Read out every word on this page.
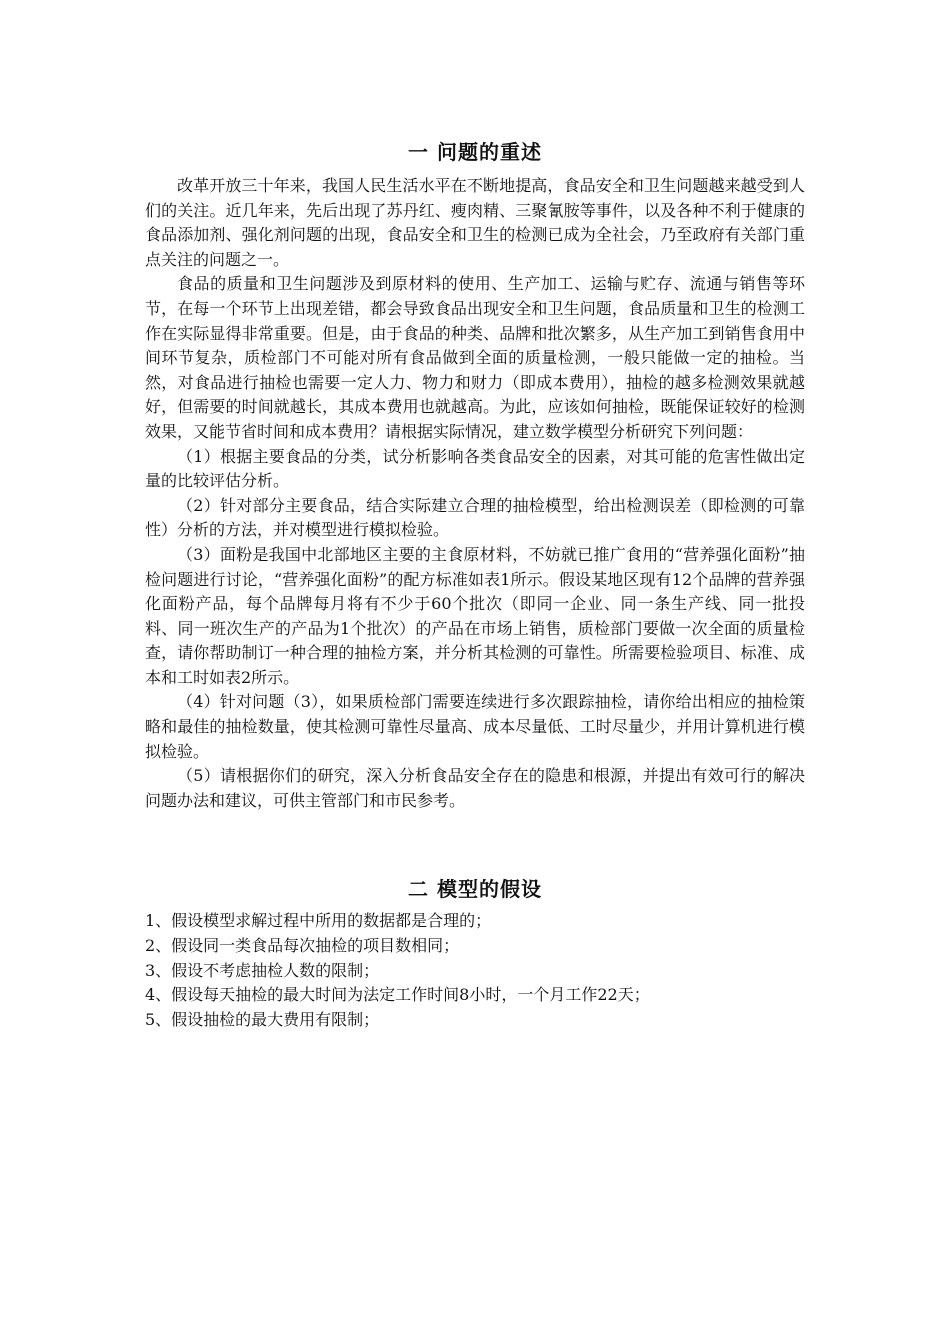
一 问题的重述

改革开放三十年来，我国人民生活水平在不断地提高，食品安全和卫生问题越来越受到人们的关注。近几年来，先后出现了苏丹红、瘦肉精、三聚氰胺等事件，以及各种不利于健康的食品添加剂、强化剂问题的出现，食品安全和卫生的检测已成为全社会，乃至政府有关部门重点关注的问题之一。

食品的质量和卫生问题涉及到原材料的使用、生产加工、运输与贮存、流通与销售等环节，在每一个环节上出现差错，都会导致食品出现安全和卫生问题，食品质量和卫生的检测工作在实际显得非常重要。但是，由于食品的种类、品牌和批次繁多，从生产加工到销售食用中间环节复杂，质检部门不可能对所有食品做到全面的质量检测，一般只能做一定的抽检。当然，对食品进行抽检也需要一定人力、物力和财力（即成本费用），抽检的越多检测效果就越好，但需要的时间就越长，其成本费用也就越高。为此，应该如何抽检，既能保证较好的检测效果，又能节省时间和成本费用？请根据实际情况，建立数学模型分析研究下列问题：

（1）根据主要食品的分类，试分析影响各类食品安全的因素，对其可能的危害性做出定量的比较评估分析。

（2）针对部分主要食品，结合实际建立合理的抽检模型，给出检测误差（即检测的可靠性）分析的方法，并对模型进行模拟检验。

（3）面粉是我国中北部地区主要的主食原材料，不妨就已推广食用的“营养强化面粉”抽检问题进行讨论，“营养强化面粉”的配方标准如表1所示。假设某地区现有12个品牌的营养强化面粉产品，每个品牌每月将有不少于60个批次（即同一企业、同一条生产线、同一批投料、同一班次生产的产品为1个批次）的产品在市场上销售，质检部门要做一次全面的质量检查，请你帮助制订一种合理的抽检方案，并分析其检测的可靠性。所需要检验项目、标准、成本和工时如表2所示。

（4）针对问题（3），如果质检部门需要连续进行多次跟踪抽检，请你给出相应的抽检策略和最佳的抽检数量，使其检测可靠性尽量高、成本尽量低、工时尽量少，并用计算机进行模拟检验。

（5）请根据你们的研究，深入分析食品安全存在的隐患和根源，并提出有效可行的解决问题办法和建议，可供主管部门和市民参考。

二 模型的假设

1、假设模型求解过程中所用的数据都是合理的；

2、假设同一类食品每次抽检的项目数相同；

3、假设不考虑抽检人数的限制；

4、假设每天抽检的最大时间为法定工作时间8小时，一个月工作22天；

5、假设抽检的最大费用有限制；
